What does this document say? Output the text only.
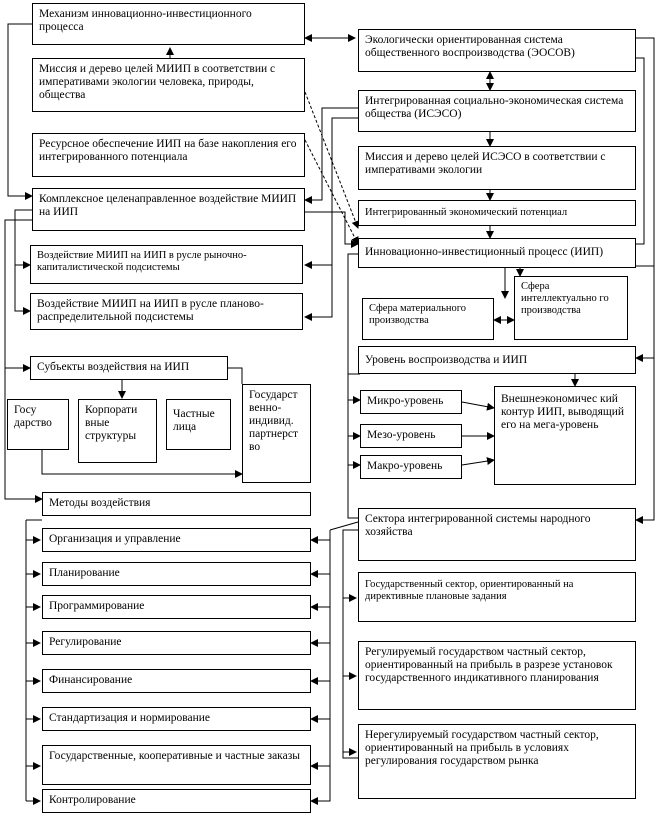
Механизм инновационно-инвестиционного процесса
Миссия и дерево целей МИИП в соответствии с императивами экологии человека, природы, общества
Ресурсное обеспечение ИИП на базе накопления его интегрированного потенциала
Комплексное целенаправленное воздействие МИИП на ИИП
Воздействие МИИП на ИИП в русле рыночно-капиталистической подсистемы
Воздействие МИИП на ИИП в русле планово-распределительной подсистемы
Субъекты воздействия на ИИП
Госу дарство
Корпорати вные структуры
Частные лица
Государст венно-индивид. партнерст во
Методы воздействия
Организация и управление
Планирование
Программирование
Регулирование
Финансирование
Стандартизация и нормирование
Государственные, кооперативные и частные заказы
Контролирование
Экологически ориентированная система общественного воспроизводства (ЭОСОВ)
Интегрированная социально-экономическая система общества (ИСЭСО)
Миссия и дерево целей ИСЭСО в соответствии с императивами экологии
Интегрированный экономический потенциал
Инновационно-инвестиционный процесс (ИИП)
Сфера материального производства
Сфера интеллектуально го производства
Уровень воспроизводства и ИИП
Микро-уровень
Мезо-уровень
Макро-уровень
Внешнеэкономичес кий контур ИИП, выводящий его на мега-уровень
Сектора интегрированной системы народного хозяйства
Государственный сектор, ориентированный на директивные плановые задания
Регулируемый государством частный сектор, ориентированный на прибыль в разрезе установок государственного индикативного планирования
Нерегулируемый государством частный сектор, ориентированный на прибыль в условиях регулирования государством рынка
